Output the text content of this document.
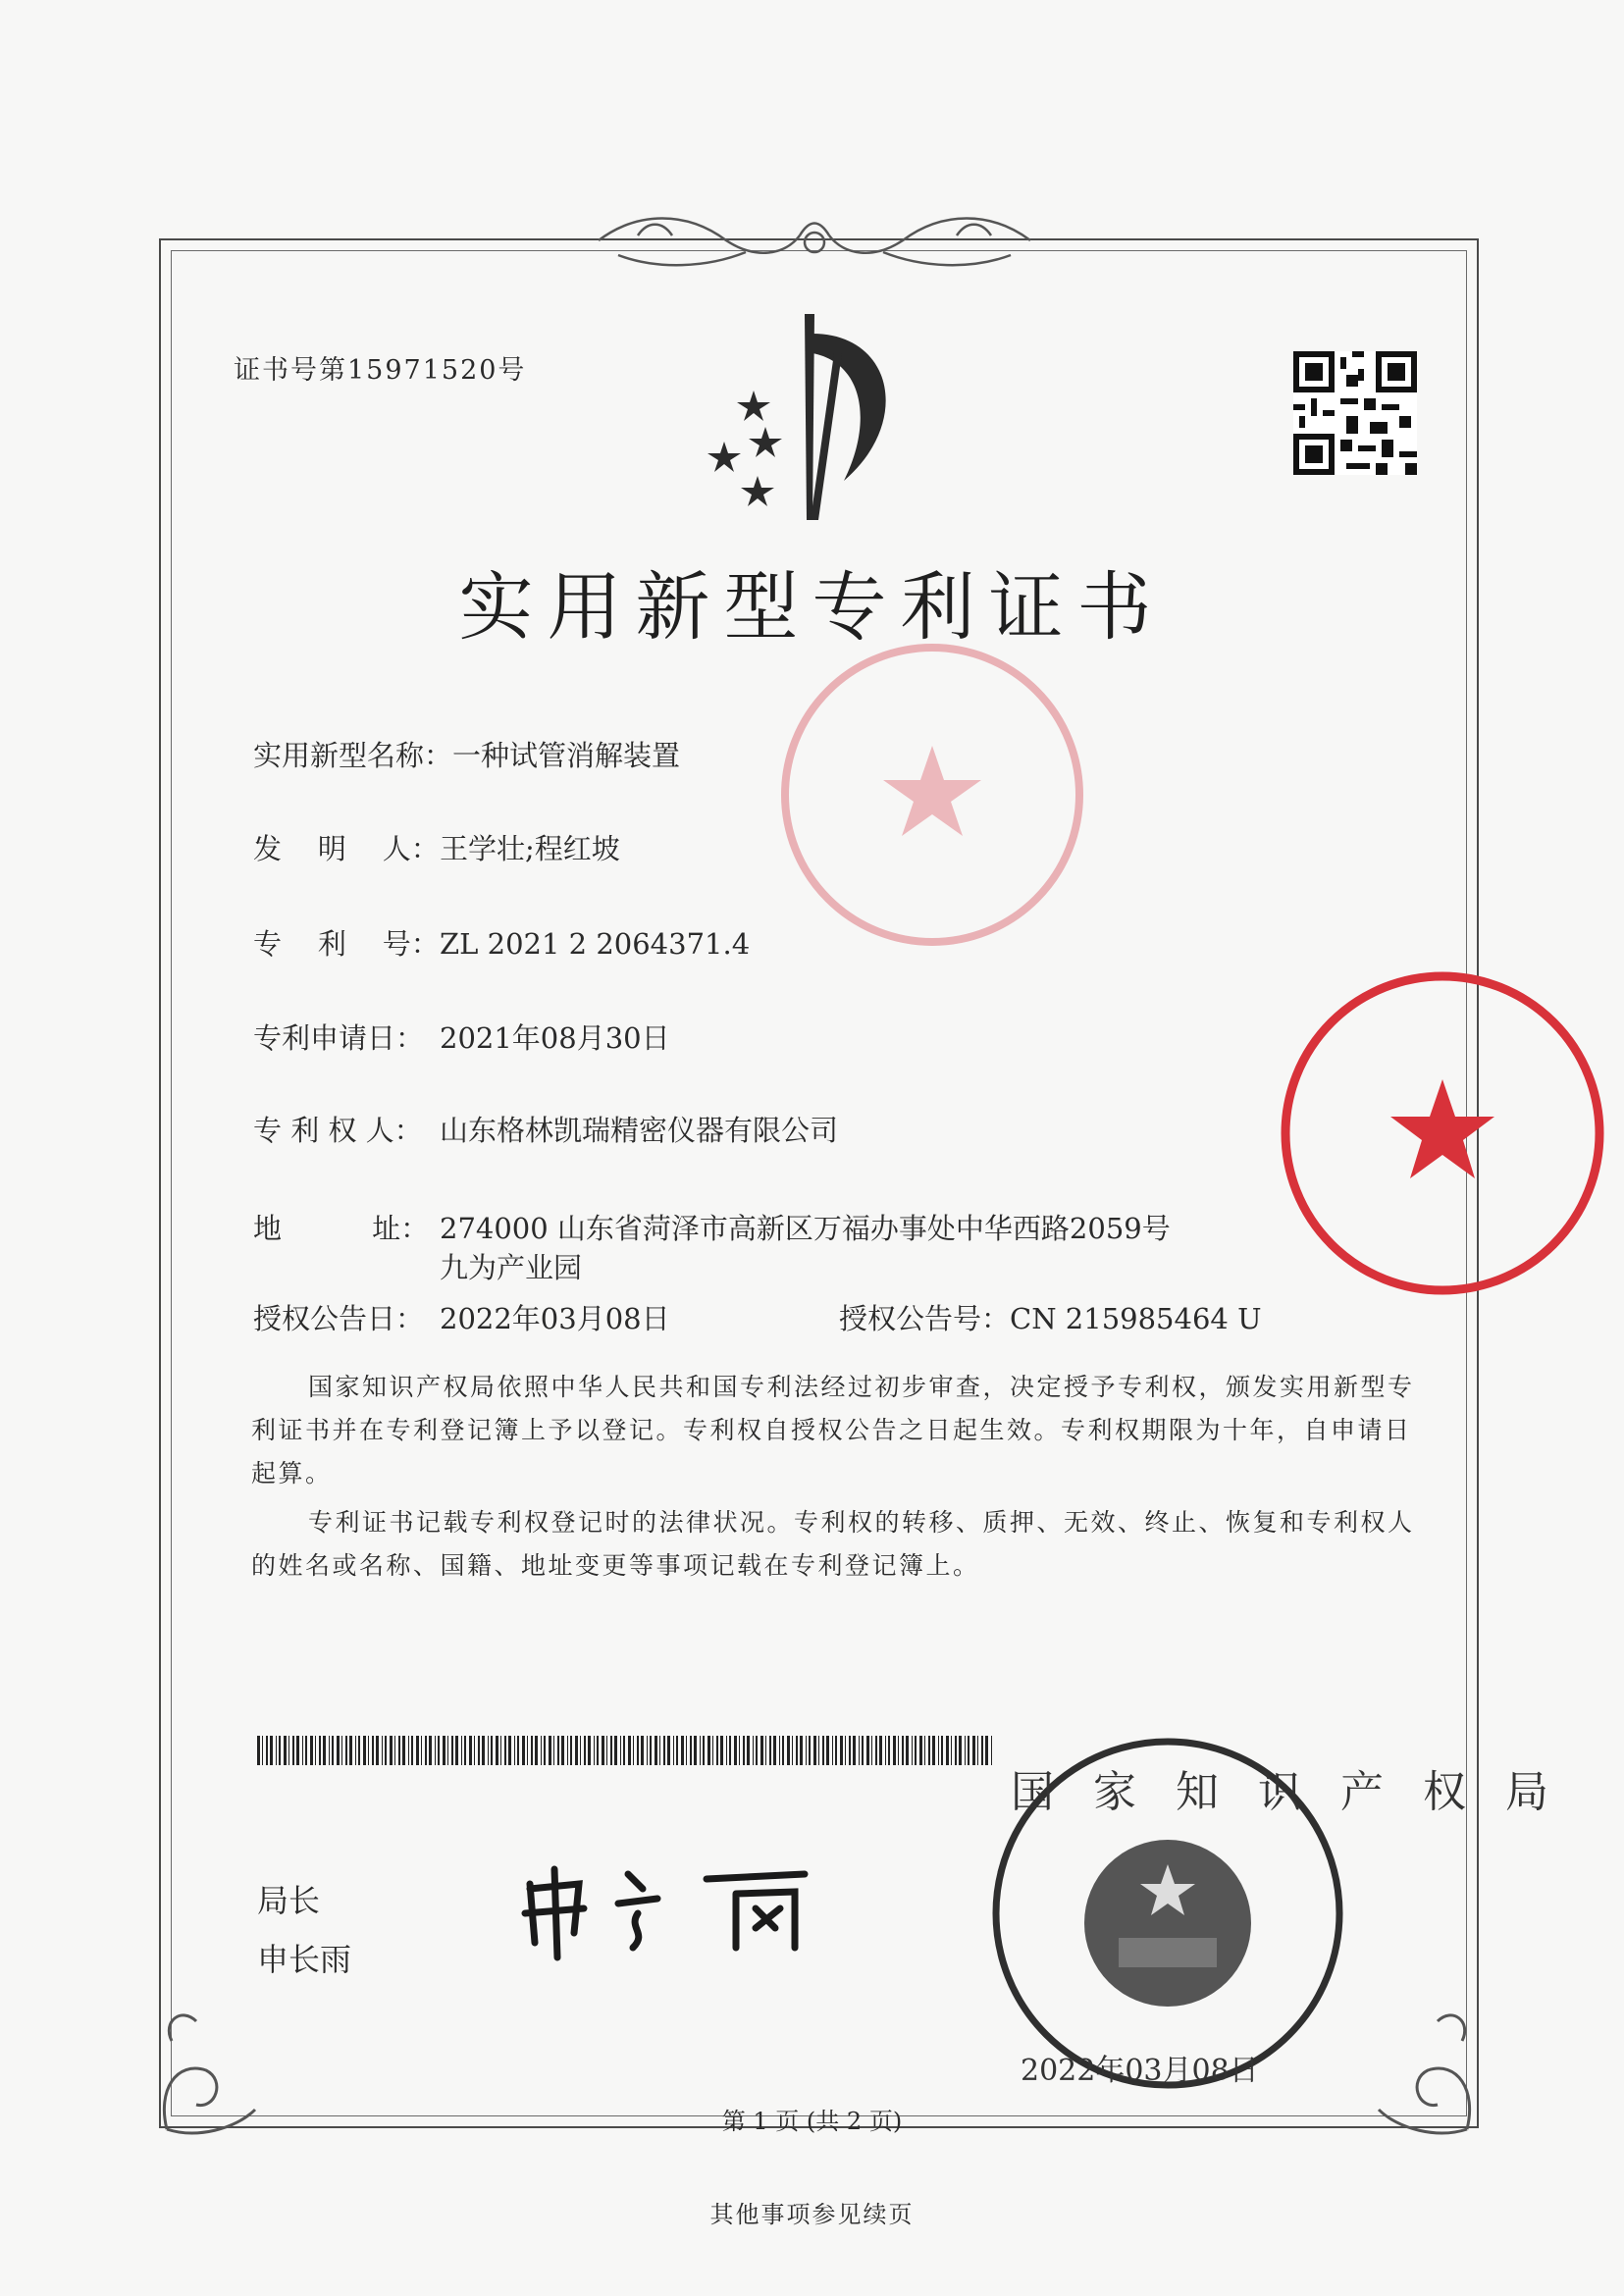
证书号第15971520号
实用新型专利证书
实用新型名称：一种试管消解装置
发    明    人：王学壮;程红坡
专    利    号：ZL 2021 2 2064371.4
专利申请日： 2021年08月30日
专 利 权 人： 山东格林凯瑞精密仪器有限公司
地          址： 274000 山东省菏泽市高新区万福办事处中华西路2059号
九为产业园
授权公告日： 2022年03月08日	授权公告号：CN 215985464 U
国家知识产权局依照中华人民共和国专利法经过初步审查，决定授予专利权，颁发实用新型专利证书并在专利登记簿上予以登记。专利权自授权公告之日起生效。专利权期限为十年，自申请日起算。
专利证书记载专利权登记时的法律状况。专利权的转移、质押、无效、终止、恢复和专利权人的姓名或名称、国籍、地址变更等事项记载在专利登记簿上。
局长
申长雨
国家知识产权局
2022年03月08日
第 1 页 (共 2 页)
其他事项参见续页
